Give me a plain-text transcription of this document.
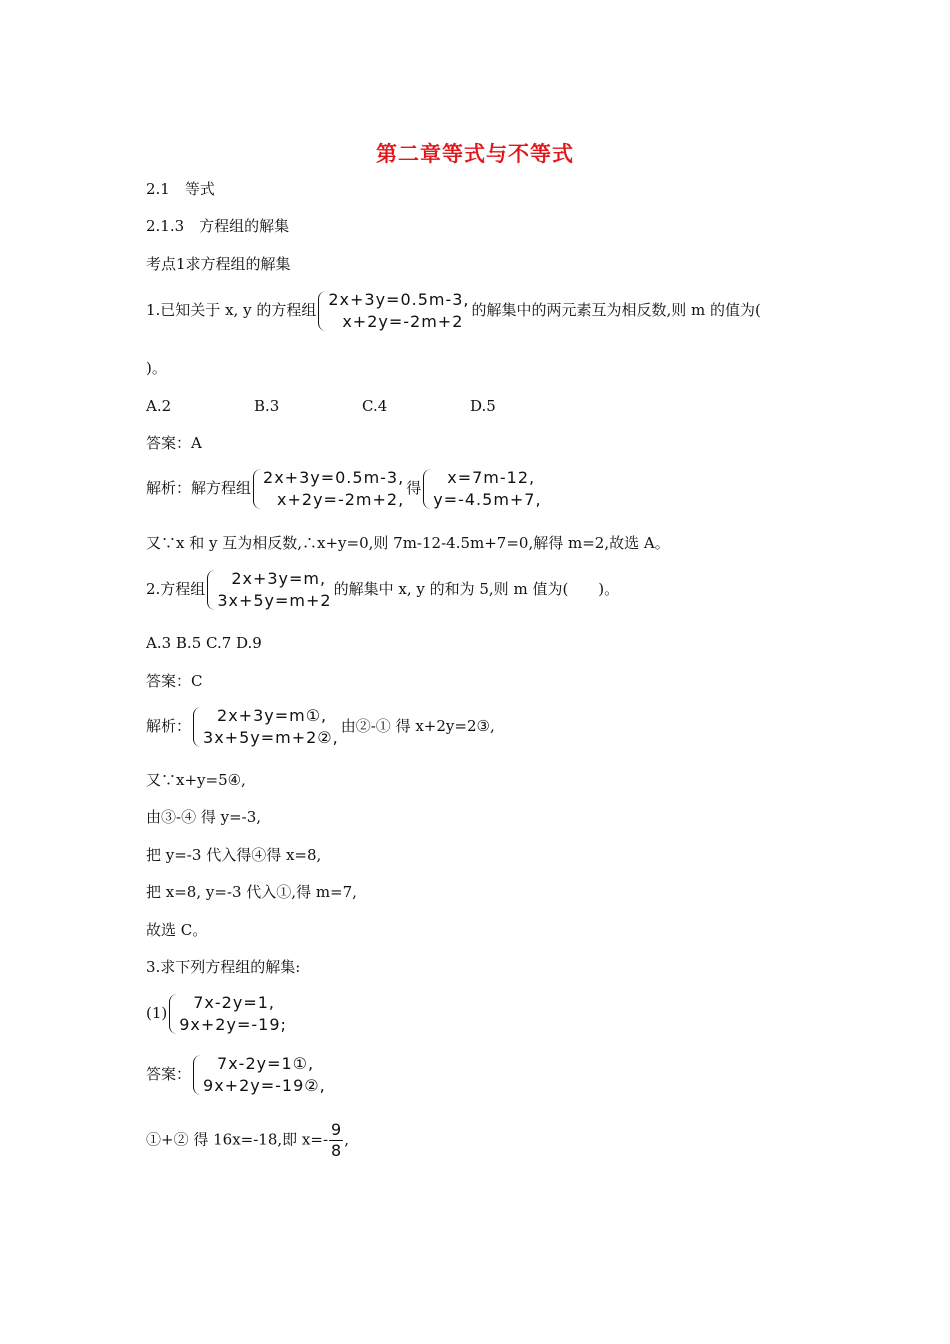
第二章等式与不等式
2.1　等式
2.1.3　方程组的解集
考点1求方程组的解集
1.已知关于 x, y 的方程组
2x+3y=0.5m-3,
x+2y=-2m+2
的解集中的两元素互为相反数,则 m 的值为(
)。
A.2	B.3	C.4	D.5
答案：A
解析：解方程组
2x+3y=0.5m-3,
x+2y=-2m+2,
得
x=7m-12,
y=-4.5m+7,
又∵x 和 y 互为相反数,∴x+y=0,则 7m-12-4.5m+7=0,解得 m=2,故选 A。
2.方程组
2x+3y=m,
3x+5y=m+2
的解集中 x, y 的和为 5,则 m 值为(　　)。
A.3 B.5 C.7 D.9
答案：C
解析：
2x+3y=m①,
3x+5y=m+2②,
由②-① 得 x+2y=2③,
又∵x+y=5④,
由③-④ 得 y=-3,
把 y=-3 代入得④得 x=8,
把 x=8, y=-3 代入①,得 m=7,
故选 C。
3.求下列方程组的解集:
(1)
7x-2y=1,
9x+2y=-19;
答案：
7x-2y=1①,
9x+2y=-19②,
①+② 得 16x=-18,即 $x=- \frac{9}{8}$ ,
